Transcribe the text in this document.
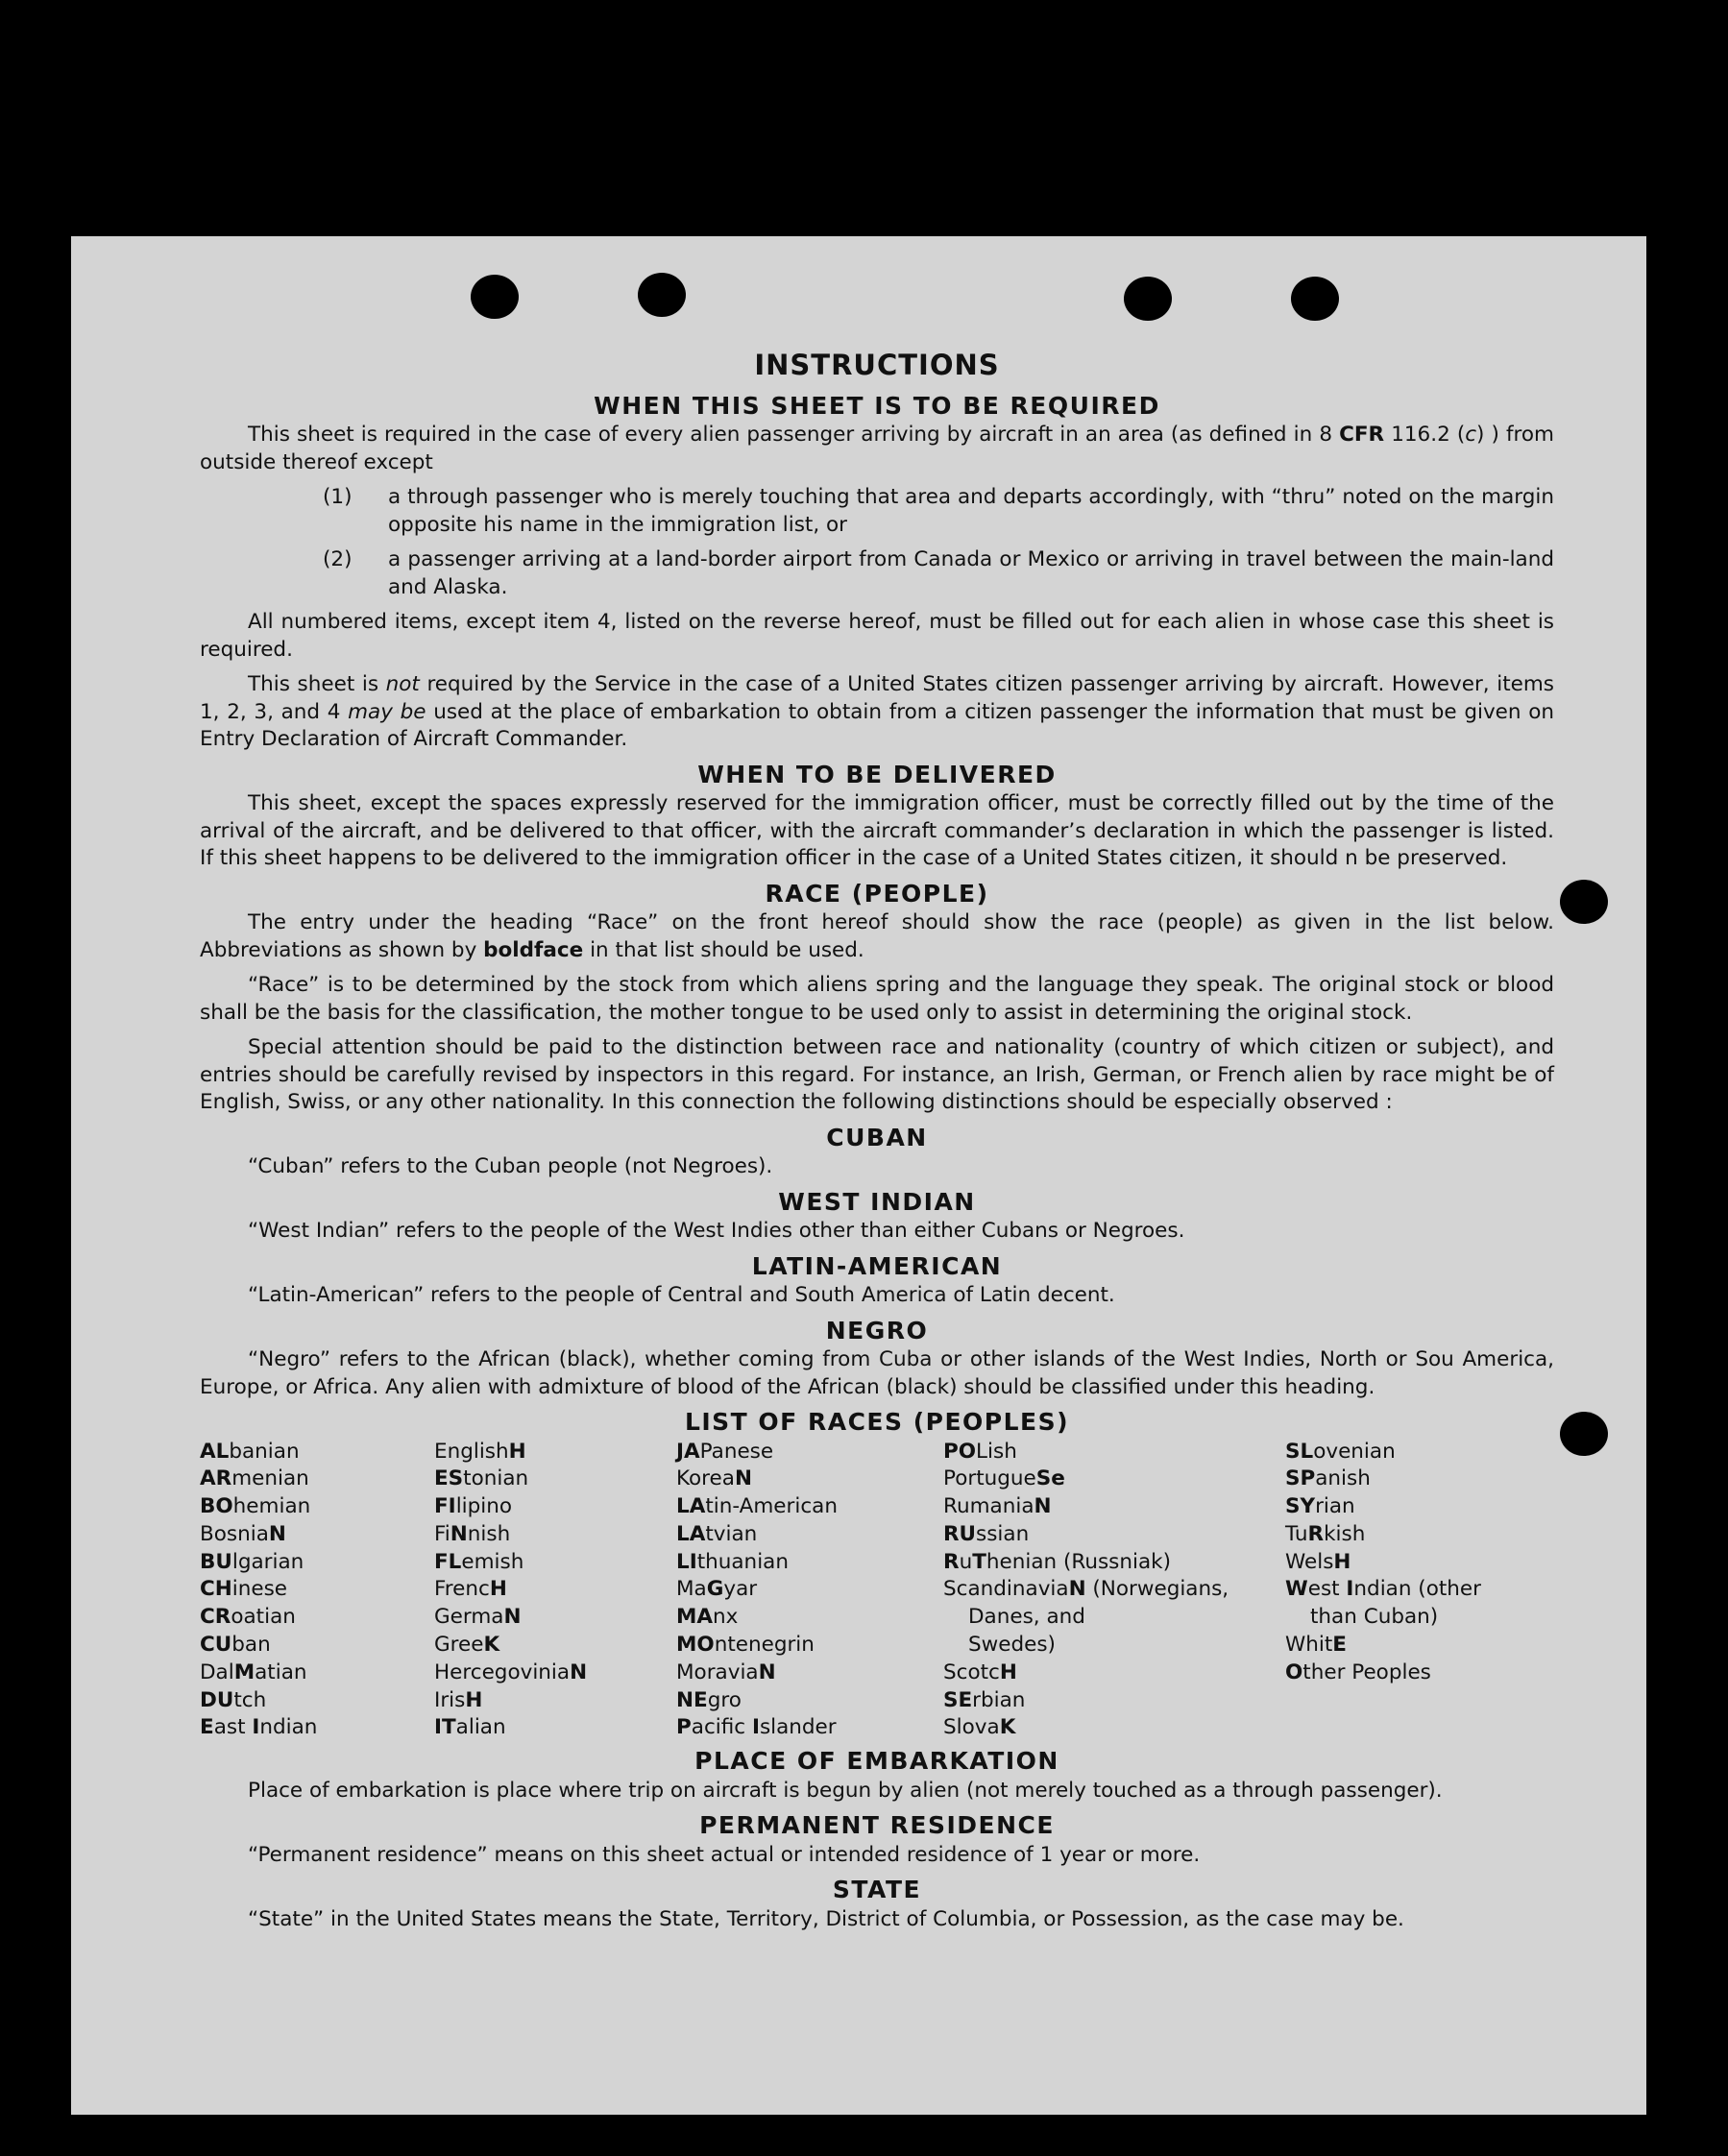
INSTRUCTIONS
WHEN THIS SHEET IS TO BE REQUIRED

This sheet is required in the case of every alien passenger arriving by aircraft in an area (as defined in 8 CFR 116.2 (c) ) from outside thereof except

(1)	a through passenger who is merely touching that area and departs accordingly, with “thru” noted on the margin opposite his name in the immigration list, or
(2)	a passenger arriving at a land-border airport from Canada or Mexico or arriving in travel between the main-land and Alaska.

All numbered items, except item 4, listed on the reverse hereof, must be filled out for each alien in whose case this sheet is required.

This sheet is not required by the Service in the case of a United States citizen passenger arriving by aircraft. However, items 1, 2, 3, and 4 may be used at the place of embarkation to obtain from a citizen passenger the information that must be given on Entry Declaration of Aircraft Commander.

WHEN TO BE DELIVERED

This sheet, except the spaces expressly reserved for the immigration officer, must be correctly filled out by the time of the arrival of the aircraft, and be delivered to that officer, with the aircraft commander’s declaration in which the passenger is listed. If this sheet happens to be delivered to the immigration officer in the case of a United States citizen, it should n be preserved.

RACE (PEOPLE)

The entry under the heading “Race” on the front hereof should show the race (people) as given in the list below. Abbreviations as shown by boldface in that list should be used.

“Race” is to be determined by the stock from which aliens spring and the language they speak. The original stock or blood shall be the basis for the classification, the mother tongue to be used only to assist in determining the original stock.

Special attention should be paid to the distinction between race and nationality (country of which citizen or subject), and entries should be carefully revised by inspectors in this regard. For instance, an Irish, German, or French alien by race might be of English, Swiss, or any other nationality. In this connection the following distinctions should be especially observed :

CUBAN

“Cuban” refers to the Cuban people (not Negroes).

WEST INDIAN

“West Indian” refers to the people of the West Indies other than either Cubans or Negroes.

LATIN-AMERICAN

“Latin-American” refers to the people of Central and South America of Latin decent.

NEGRO

“Negro” refers to the African (black), whether coming from Cuba or other islands of the West Indies, North or Sou America, Europe, or Africa. Any alien with admixture of blood of the African (black) should be classified under this heading.

LIST OF RACES (PEOPLES)
ALbanian
ARmenian
BOhemian
BosniaN
BUlgarian
CHinese
CRoatian
CUban
DalMatian
DUtch
East Indian
EnglishH
EStonian
FIlipino
FiNnish
FLemish
FrencH
GermaN
GreeK
HercegoviniaN
IrisH
ITalian
JAPanese
KoreaN
LAtin-American
LAtvian
LIthuanian
MaGyar
MAnx
MOntenegrin
MoraviaN
NEgro
Pacific Islander
POLish
PortugueSe
RumaniaN
RUssian
RuThenian (Russniak)
ScandinaviaN (Norwegians,
Danes, and
Swedes)
ScotcH
SErbian
SlovaK
SLovenian
SPanish
SYrian
TuRkish
WelsH
West Indian (other
than Cuban)
WhitE
Other Peoples
PLACE OF EMBARKATION

Place of embarkation is place where trip on aircraft is begun by alien (not merely touched as a through passenger).

PERMANENT RESIDENCE

“Permanent residence” means on this sheet actual or intended residence of 1 year or more.

STATE

“State” in the United States means the State, Territory, District of Columbia, or Possession, as the case may be.
